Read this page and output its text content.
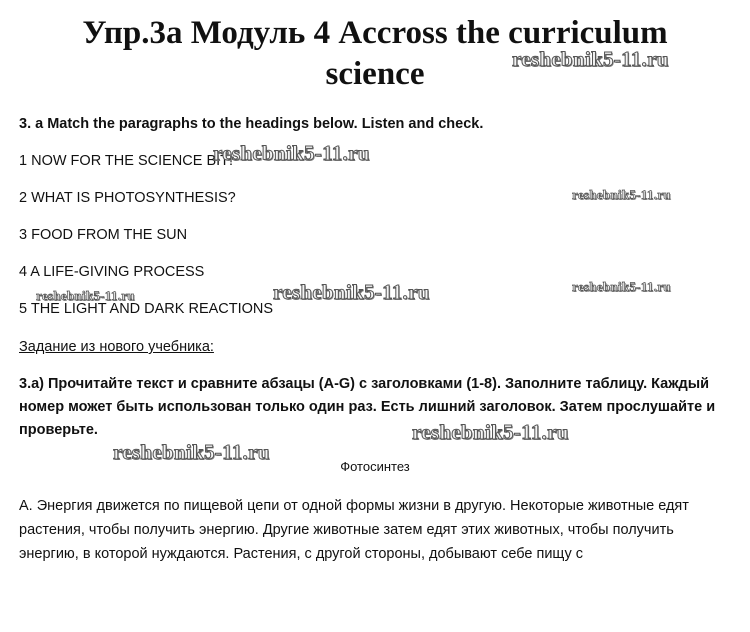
Упр.3а Модуль 4 Accross the curriculum
science

3. a Match the paragraphs to the headings below. Listen and check.

1 NOW FOR THE SCIENCE BIT!

2 WHAT IS PHOTOSYNTHESIS?

3 FOOD FROM THE SUN

4 A LIFE-GIVING PROCESS

5 THE LIGHT AND DARK REACTIONS

Задание из нового учебника:

3.а) Прочитайте текст и сравните абзацы (A-G) с заголовками (1-8). Заполните таблицу. Каждый номер может быть использован только один раз. Есть лишний заголовок. Затем прослушайте и проверьте.

Фотосинтез

А. Энергия движется по пищевой цепи от одной формы жизни в другую. Некоторые животные едят растения, чтобы получить энергию. Другие животные затем едят этих животных, чтобы получить энергию, в которой нуждаются. Растения, с другой стороны, добывают себе пищу с

reshebnik5-11.ru
reshebnik5-11.ru
reshebnik5-11.ru
reshebnik5-11.ru
reshebnik5-11.ru
reshebnik5-11.ru
reshebnik5-11.ru
reshebnik5-11.ru
